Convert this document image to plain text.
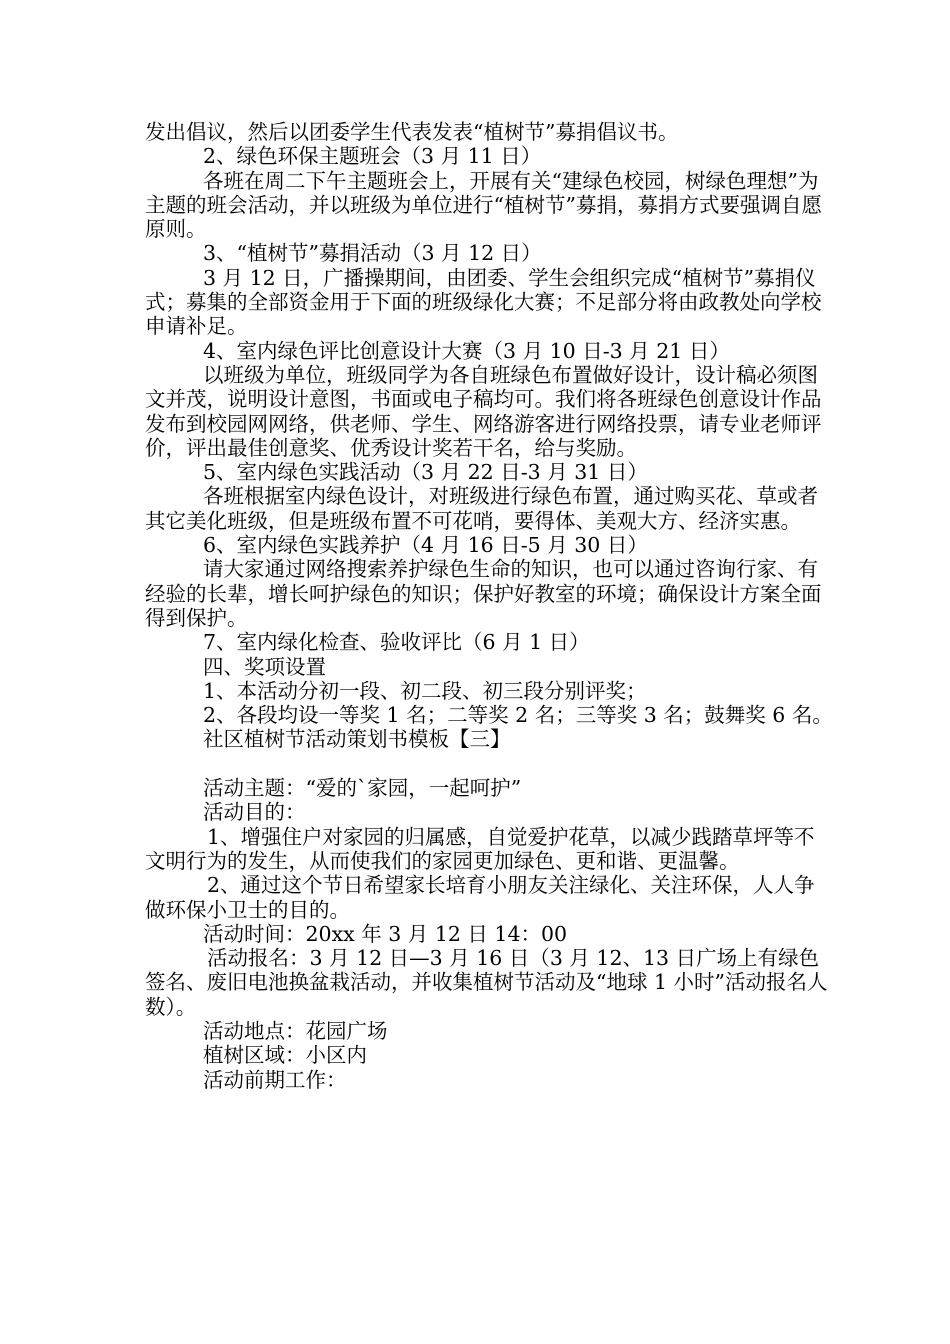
发出倡议，然后以团委学生代表发表“植树节”募捐倡议书。

2、绿色环保主题班会（3 月 11 日）

各班在周二下午主题班会上，开展有关“建绿色校园，树绿色理想”为主题的班会活动，并以班级为单位进行“植树节”募捐，募捐方式要强调自愿原则。

3、“植树节”募捐活动（3 月 12 日）

3 月 12 日，广播操期间，由团委、学生会组织完成“植树节”募捐仪式；募集的全部资金用于下面的班级绿化大赛；不足部分将由政教处向学校申请补足。

4、室内绿色评比创意设计大赛（3 月 10 日-3 月 21 日）

以班级为单位，班级同学为各自班绿色布置做好设计，设计稿必须图文并茂，说明设计意图，书面或电子稿均可。我们将各班绿色创意设计作品发布到校园网网络，供老师、学生、网络游客进行网络投票，请专业老师评价，评出最佳创意奖、优秀设计奖若干名，给与奖励。

5、室内绿色实践活动（3 月 22 日-3 月 31 日）

各班根据室内绿色设计，对班级进行绿色布置，通过购买花、草或者其它美化班级，但是班级布置不可花哨，要得体、美观大方、经济实惠。

6、室内绿色实践养护（4 月 16 日-5 月 30 日）

请大家通过网络搜索养护绿色生命的知识，也可以通过咨询行家、有经验的长辈，增长呵护绿色的知识；保护好教室的环境；确保设计方案全面得到保护。

7、室内绿化检查、验收评比（6 月 1 日）

四、奖项设置

1、本活动分初一段、初二段、初三段分别评奖；

2、各段均设一等奖 1 名；二等奖 2 名；三等奖 3 名；鼓舞奖 6 名。

社区植树节活动策划书模板【三】

活动主题：“爱的`家园，一起呵护”

活动目的：

1、增强住户对家园的归属感，自觉爱护花草，以减少践踏草坪等不文明行为的发生，从而使我们的家园更加绿色、更和谐、更温馨。

2、通过这个节日希望家长培育小朋友关注绿化、关注环保，人人争做环保小卫士的目的。

活动时间：20xx 年 3 月 12 日 14：00

活动报名：3 月 12 日—3 月 16 日（3 月 12、13 日广场上有绿色签名、废旧电池换盆栽活动，并收集植树节活动及“地球 1 小时”活动报名人数）。

活动地点：花园广场

植树区域：小区内

活动前期工作：
